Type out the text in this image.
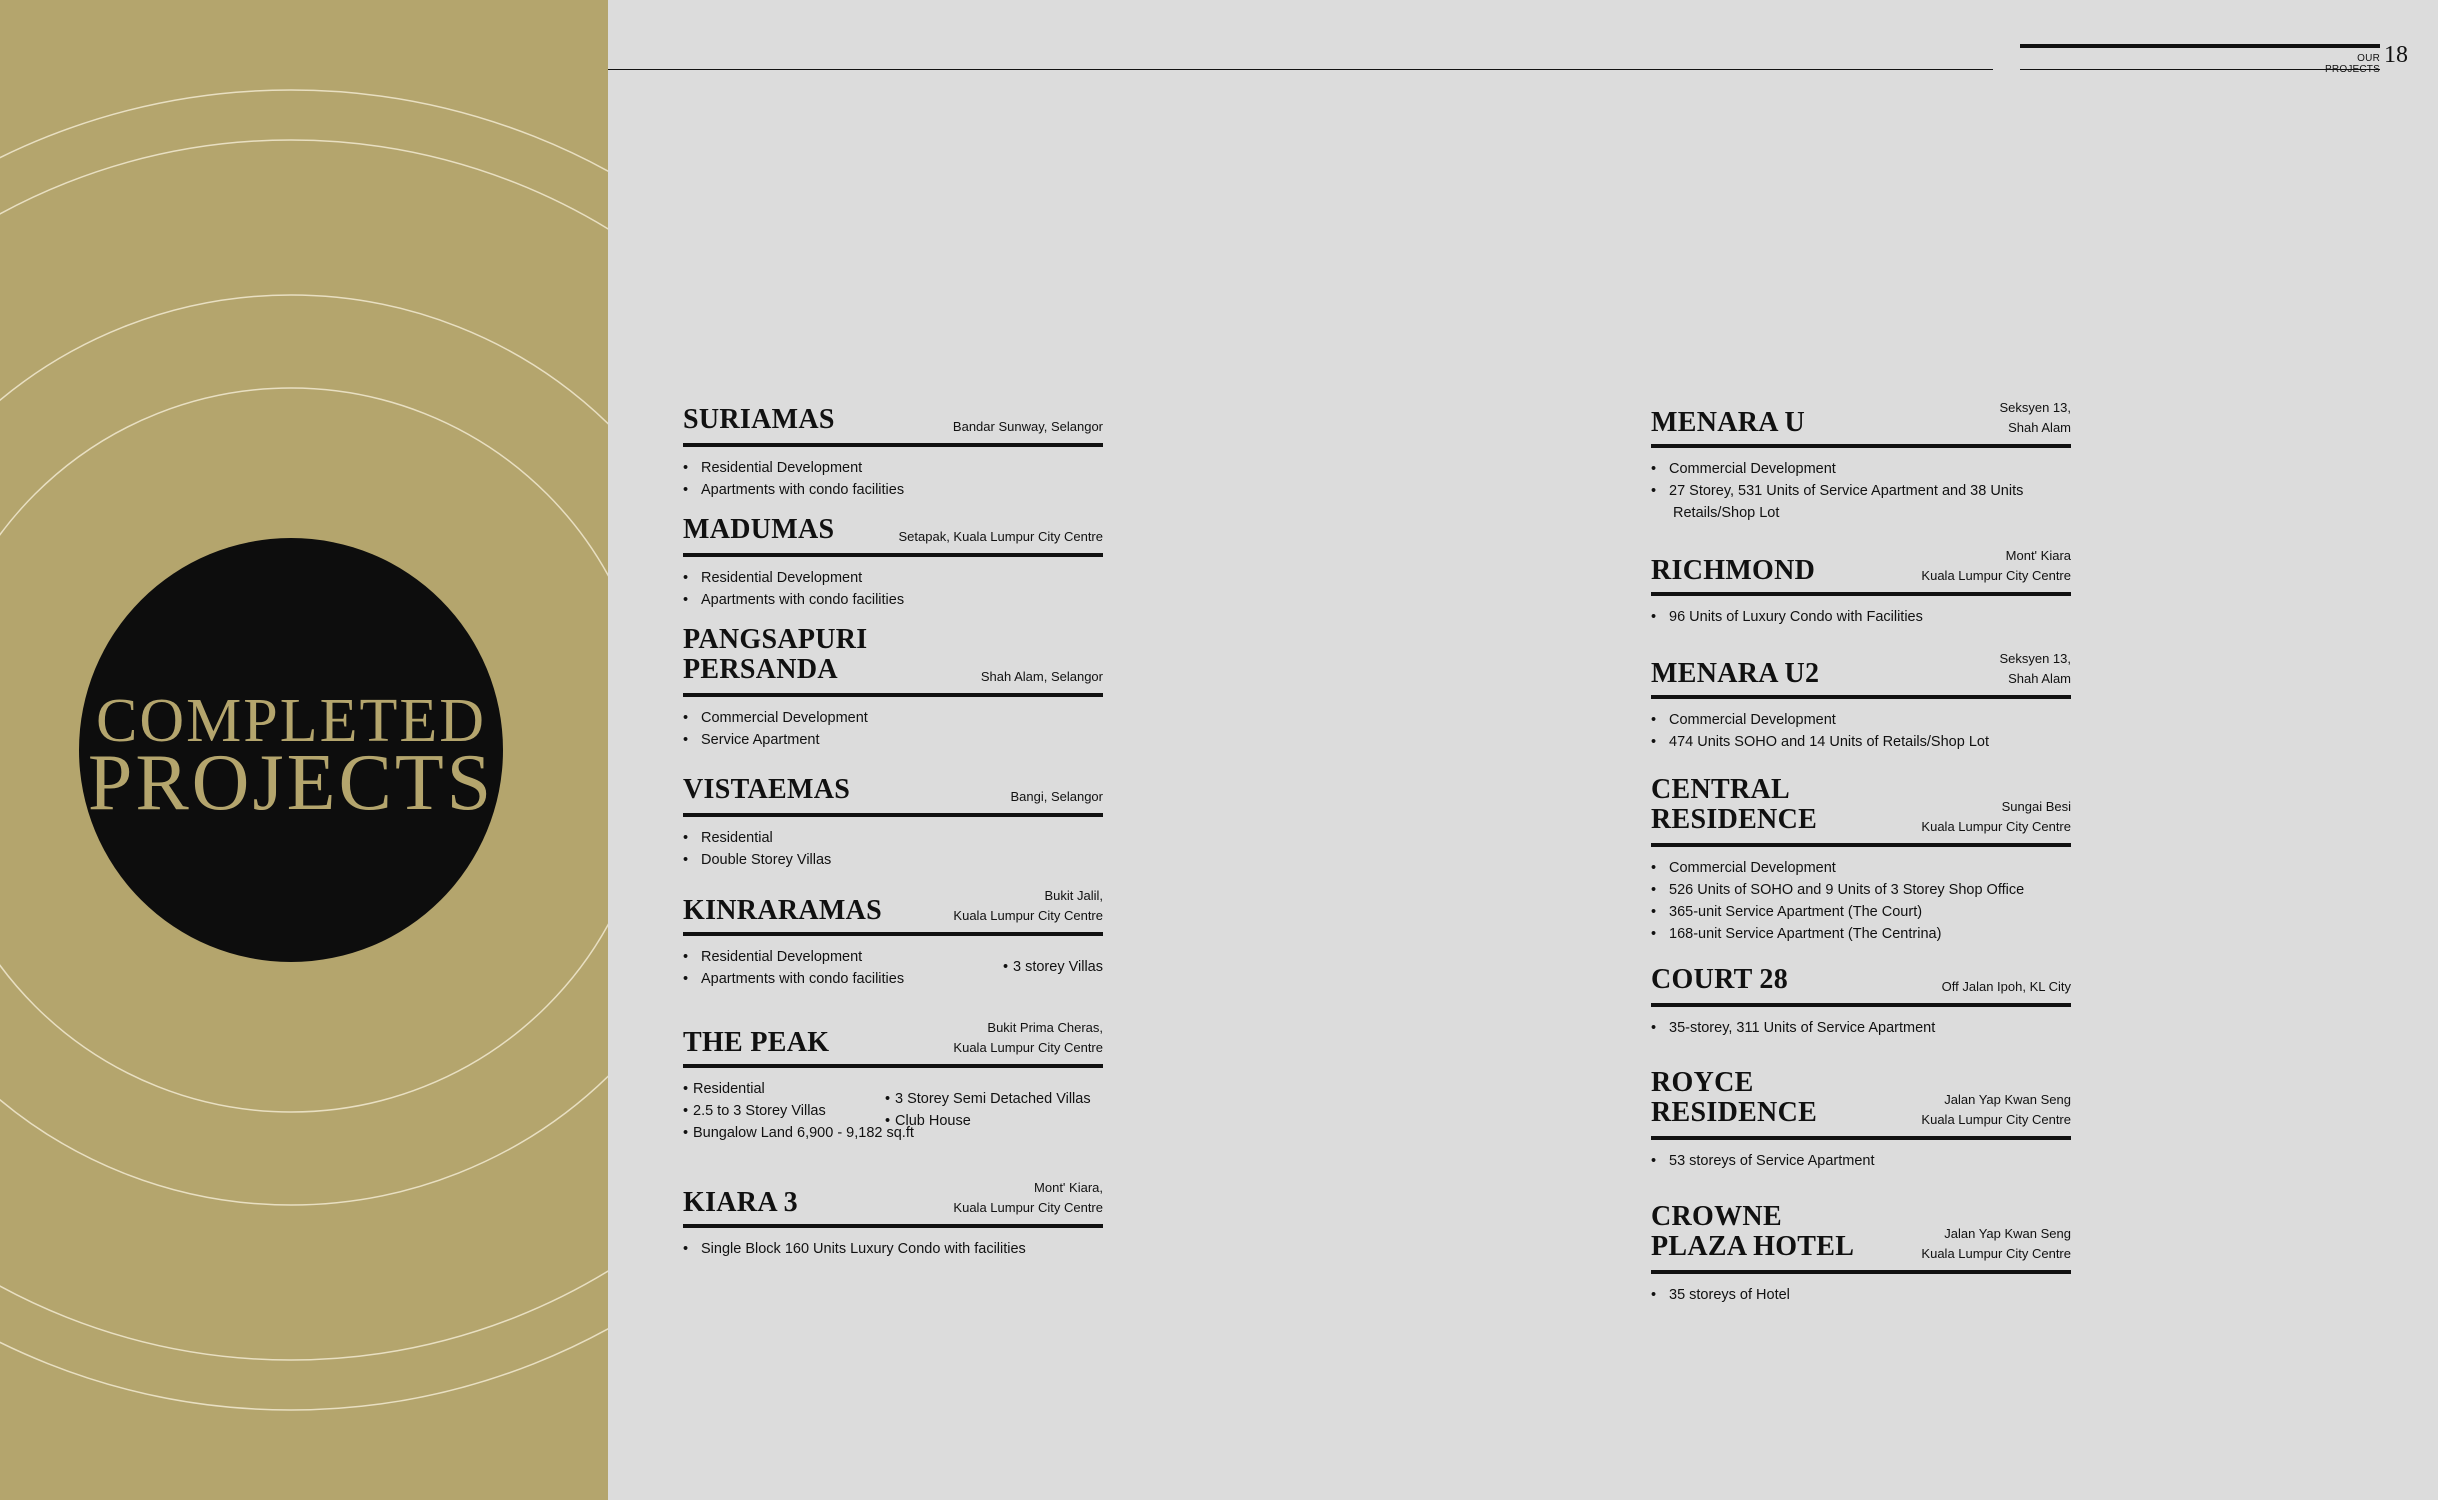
OUR PROJECTS
18
COMPLETED
PROJECTS
SURIAMAS	Bandar Sunway, Selangor
• Residential Development
• Apartments with condo facilities
MADUMAS	Setapak, Kuala Lumpur City Centre
• Residential Development
• Apartments with condo facilities
PANGSAPURI
PERSANDA	Shah Alam, Selangor
• Commercial Development
• Service Apartment
VISTAEMAS	Bangi, Selangor
• Residential
• Double Storey Villas
KINRARAMAS	Bukit Jalil,
Kuala Lumpur City Centre
• Residential Development
• Apartments with condo facilities
• 3 storey Villas
THE PEAK	Bukit Prima Cheras,
Kuala Lumpur City Centre
• Residential
• 2.5 to 3 Storey Villas
• Bungalow Land 6,900 - 9,182 sq.ft
• 3 Storey Semi Detached Villas
• Club House
KIARA 3	Mont' Kiara,
Kuala Lumpur City Centre
• Single Block 160 Units Luxury Condo with facilities
MENARA U	Seksyen 13,
Shah Alam
• Commercial Development
• 27 Storey, 531 Units of Service Apartment and 38 Units
Retails/Shop Lot
RICHMOND	Mont' Kiara
Kuala Lumpur City Centre
• 96 Units of Luxury Condo with Facilities
MENARA U2	Seksyen 13,
Shah Alam
• Commercial Development
• 474 Units SOHO and 14 Units of Retails/Shop Lot
CENTRAL
RESIDENCE	Sungai Besi
Kuala Lumpur City Centre
• Commercial Development
• 526 Units of SOHO and 9 Units of 3 Storey Shop Office
• 365-unit Service Apartment (The Court)
• 168-unit Service Apartment (The Centrina)
COURT 28	Off Jalan Ipoh, KL City
• 35-storey, 311 Units of Service Apartment
ROYCE
RESIDENCE	Jalan Yap Kwan Seng
Kuala Lumpur City Centre
• 53 storeys of Service Apartment
CROWNE
PLAZA HOTEL	Jalan Yap Kwan Seng
Kuala Lumpur City Centre
• 35 storeys of Hotel
